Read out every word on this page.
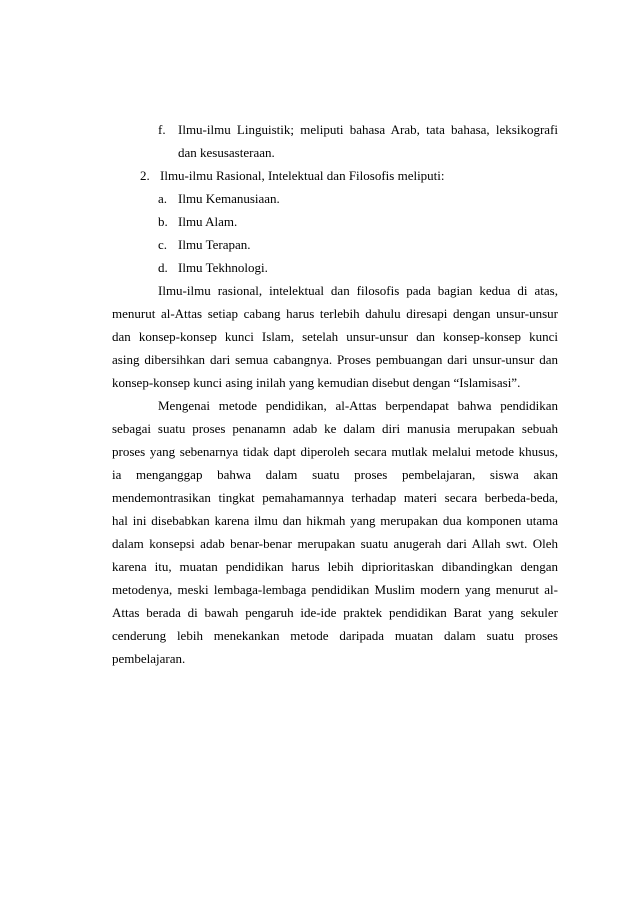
f. Ilmu-ilmu Linguistik; meliputi bahasa Arab, tata bahasa, leksikografi
dan kesusasteraan.
2. Ilmu-ilmu Rasional, Intelektual dan Filosofis meliputi:
a. Ilmu Kemanusiaan.
b. Ilmu Alam.
c. Ilmu Terapan.
d. Ilmu Tekhnologi.
Ilmu-ilmu rasional, intelektual dan filosofis pada bagian kedua di atas,
menurut al-Attas setiap cabang harus terlebih dahulu diresapi dengan unsur-unsur
dan konsep-konsep kunci Islam, setelah unsur-unsur dan konsep-konsep kunci
asing dibersihkan dari semua cabangnya. Proses pembuangan dari unsur-unsur dan
konsep-konsep kunci asing inilah yang kemudian disebut dengan “Islamisasi”.
Mengenai metode pendidikan, al-Attas berpendapat bahwa pendidikan
sebagai suatu proses penanamn adab ke dalam diri manusia merupakan sebuah
proses yang sebenarnya tidak dapt diperoleh secara mutlak melalui metode khusus,
ia menganggap bahwa dalam suatu proses pembelajaran, siswa akan
mendemontrasikan tingkat pemahamannya terhadap materi secara berbeda-beda,
hal ini disebabkan karena ilmu dan hikmah yang merupakan dua komponen utama
dalam konsepsi adab benar-benar merupakan suatu anugerah dari Allah swt. Oleh
karena itu, muatan pendidikan harus lebih diprioritaskan dibandingkan dengan
metodenya, meski lembaga-lembaga pendidikan Muslim modern yang menurut al-
Attas berada di bawah pengaruh ide-ide praktek pendidikan Barat yang sekuler
cenderung lebih menekankan metode daripada muatan dalam suatu proses
pembelajaran.
